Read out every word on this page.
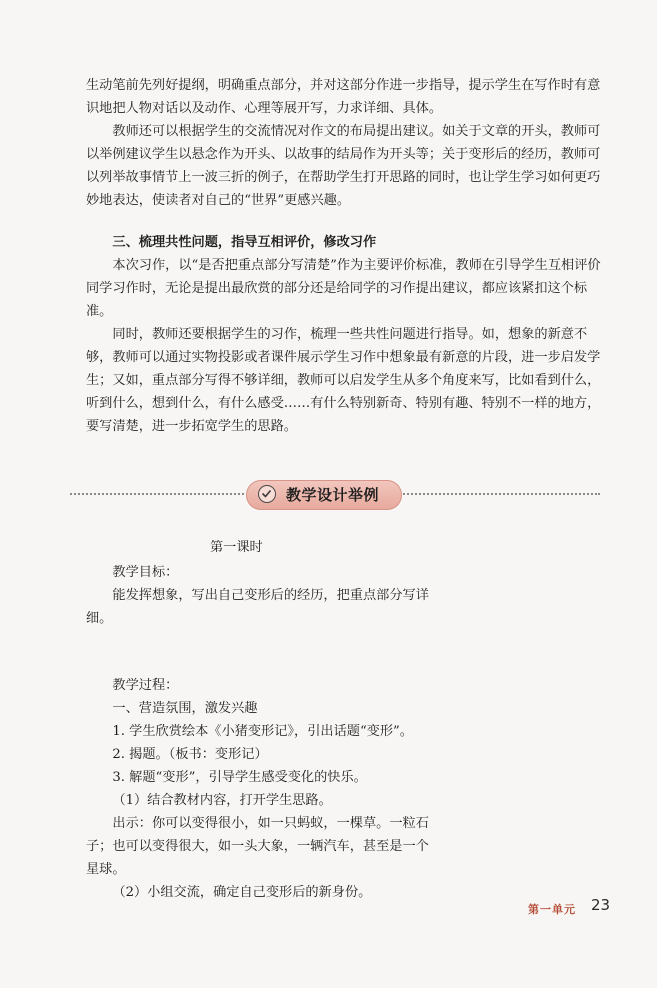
生动笔前先列好提纲，明确重点部分，并对这部分作进一步指导，提示学生在写作时有意识地把人物对话以及动作、心理等展开写，力求详细、具体。

教师还可以根据学生的交流情况对作文的布局提出建议。如关于文章的开头，教师可以举例建议学生以悬念作为开头、以故事的结局作为开头等；关于变形后的经历，教师可以列举故事情节上一波三折的例子，在帮助学生打开思路的同时，也让学生学习如何更巧妙地表达，使读者对自己的“世界”更感兴趣。

三、梳理共性问题，指导互相评价，修改习作

本次习作，以“是否把重点部分写清楚”作为主要评价标准，教师在引导学生互相评价同学习作时，无论是提出最欣赏的部分还是给同学的习作提出建议，都应该紧扣这个标准。

同时，教师还要根据学生的习作，梳理一些共性问题进行指导。如，想象的新意不够，教师可以通过实物投影或者课件展示学生习作中想象最有新意的片段，进一步启发学生；又如，重点部分写得不够详细，教师可以启发学生从多个角度来写，比如看到什么，听到什么，想到什么，有什么感受……有什么特别新奇、特别有趣、特别不一样的地方，要写清楚，进一步拓宽学生的思路。

教学设计举例
第一课时

教学目标：

能发挥想象，写出自己变形后的经历，把重点部分写详细。

教学过程：

一、营造氛围，激发兴趣

1. 学生欣赏绘本《小猪变形记》，引出话题“变形”。

2. 揭题。（板书：变形记）

3. 解题“变形”，引导学生感受变化的快乐。

（1）结合教材内容，打开学生思路。

出示：你可以变得很小，如一只蚂蚁，一棵草。一粒石子；也可以变得很大，如一头大象，一辆汽车，甚至是一个星球。

（2）小组交流，确定自己变形后的新身份。

第一单元 23
